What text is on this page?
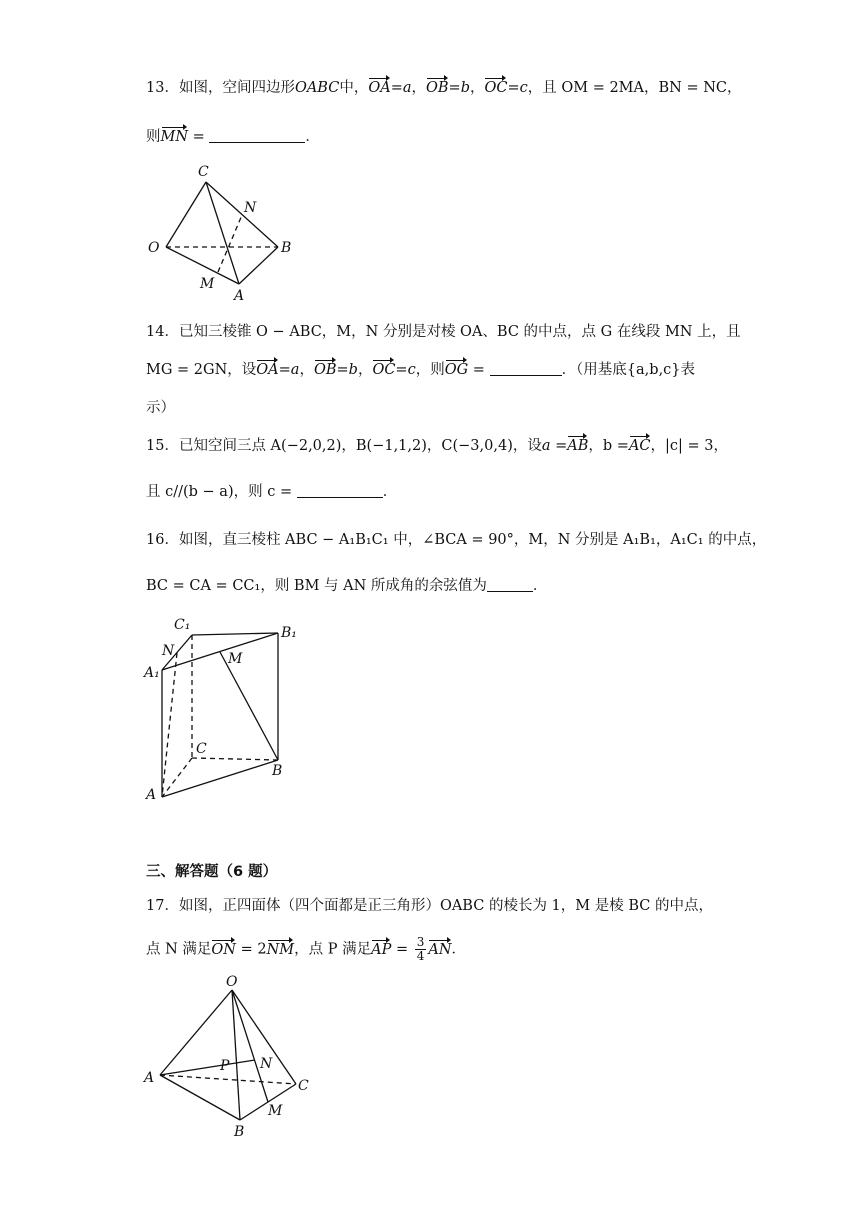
13．如图，空间四边形OABC中，OA=a，OB=b，OC=c，且 OM = 2MA，BN = NC，

则MN =	．

C
N
O	B
M
A

14．已知三棱锥 O − ABC，M，N 分别是对棱 OA、BC 的中点，点 G 在线段 MN 上，且

MG = 2GN，设OA=a，OB=b，OC=c，则OG =	．（用基底{a,b,c}表

示）

15．已知空间三点 A(−2,0,2)，B(−1,1,2)，C(−3,0,4)，设a =AB，b =AC，|c| = 3，

且 c//(b − a)，则 c =	．

16．如图，直三棱柱 ABC − A₁B₁C₁ 中，∠BCA = 90°，M，N 分别是 A₁B₁，A₁C₁ 的中点，

BC = CA = CC₁，则 BM 与 AN 所成角的余弦值为	．

C₁	B₁
N	M
A₁
C
B
A
三、解答题（6 题）

17．如图，正四面体（四个面都是正三角形）OABC 的棱长为 1，M 是棱 BC 的中点，

点 N 满足ON = 2NM，点 P 满足AP = $\frac{3}{4}$ AN．

O
P N
A	C
M
B
